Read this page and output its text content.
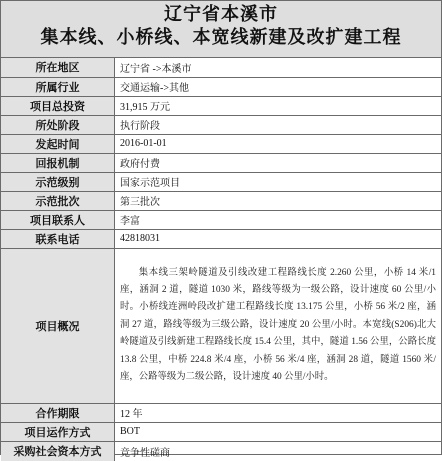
辽宁省本溪市
集本线、小桥线、本宽线新建及改扩建工程
所在地区	辽宁省 ->本溪市
所属行业	交通运输->其他
项目总投资	31,915 万元
所处阶段	执行阶段
发起时间	2016-01-01
回报机制	政府付费
示范级别	国家示范项目
示范批次	第三批次
项目联系人	李富
联系电话	42818031
项目概况	集本线三架岭隧道及引线改建工程路线长度 2.260 公里，小桥 14 米/1 座，涵洞 2 道，隧道 1030 米，路线等级为一级公路，设计速度 60 公里/小时。小桥线连洲岭段改扩建工程路线长度 13.175 公里，小桥 56 米/2 座，涵洞 27 道，路线等级为三级公路，设计速度 20 公里/小时。本宽线(S206)北大岭隧道及引线新建工程路线长度 15.4 公里，其中，隧道 1.56 公里，公路长度 13.8 公里，中桥 224.8 米/4 座，小桥 56 米/4 座，涵洞 28 道，隧道 1560 米/座，公路等级为二级公路，设计速度 40 公里/小时。
合作期限	12 年
项目运作方式	BOT
采购社会资本方式	竞争性磋商
